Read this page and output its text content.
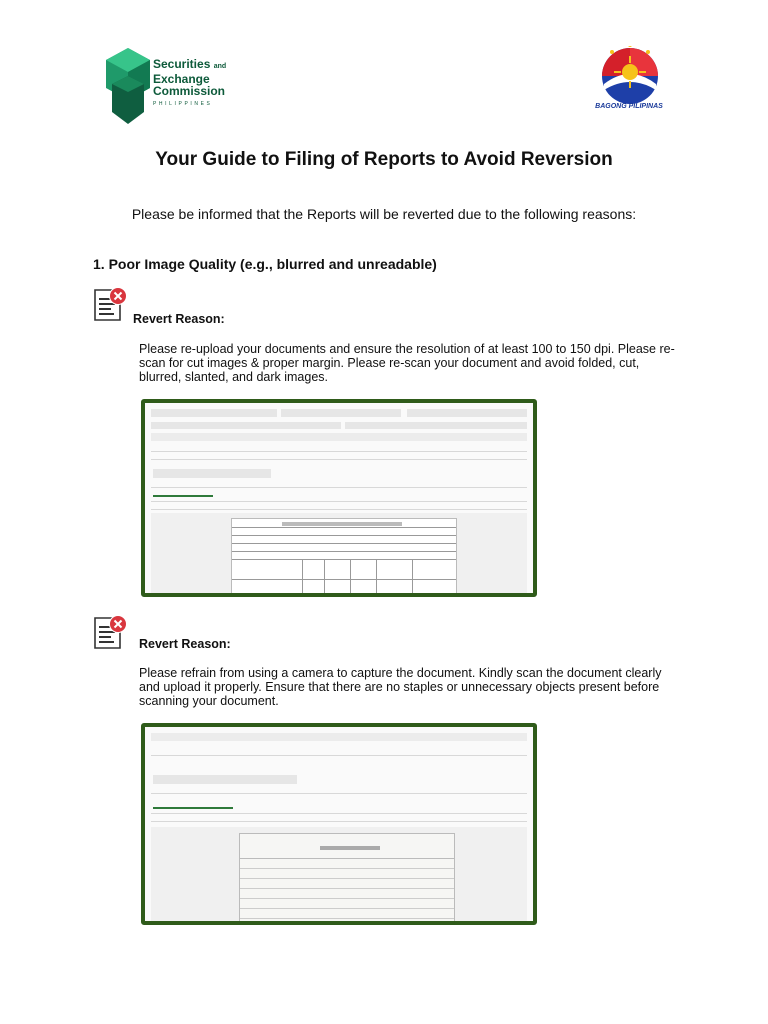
Securities and
Exchange
Commission
PHILIPPINES	BAGONG PILIPINAS
Your Guide to Filing of Reports to Avoid Reversion
Please be informed that the Reports will be reverted due to the following reasons:
1. Poor Image Quality (e.g., blurred and unreadable)
Revert Reason:
Please re-upload your documents and ensure the resolution of at least 100 to 150 dpi. Please re-scan for cut images & proper margin. Please re-scan your document and avoid folded, cut, blurred, slanted, and dark images.
Revert Reason:
Please refrain from using a camera to capture the document. Kindly scan the document clearly and upload it properly. Ensure that there are no staples or unnecessary objects present before scanning your document.
